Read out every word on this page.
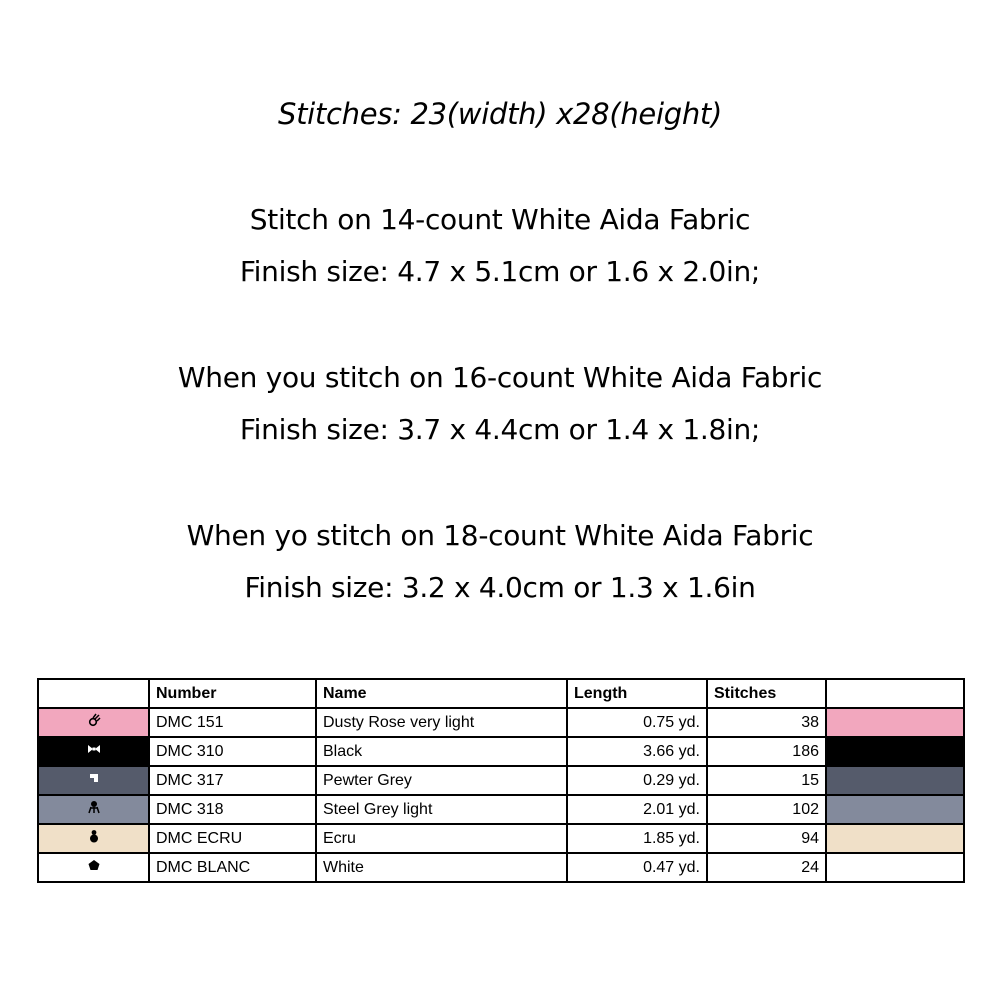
Stitches: 23(width) x28(height)
Stitch on 14-count White Aida Fabric
Finish size: 4.7 x 5.1cm or 1.6 x 2.0in;
When you stitch on 16-count White Aida Fabric
Finish size: 3.7 x 4.4cm or 1.4 x 1.8in;
When yo stitch on 18-count White Aida Fabric
Finish size: 3.2 x 4.0cm or 1.3 x 1.6in
	Number	Name	Length	Stitches	
	DMC 151	Dusty Rose very light	0.75 yd.	38	
	DMC 310	Black	3.66 yd.	186	
	DMC 317	Pewter Grey	0.29 yd.	15	
	DMC 318	Steel Grey light	2.01 yd.	102	
	DMC ECRU	Ecru	1.85 yd.	94	
	DMC BLANC	White	0.47 yd.	24	
